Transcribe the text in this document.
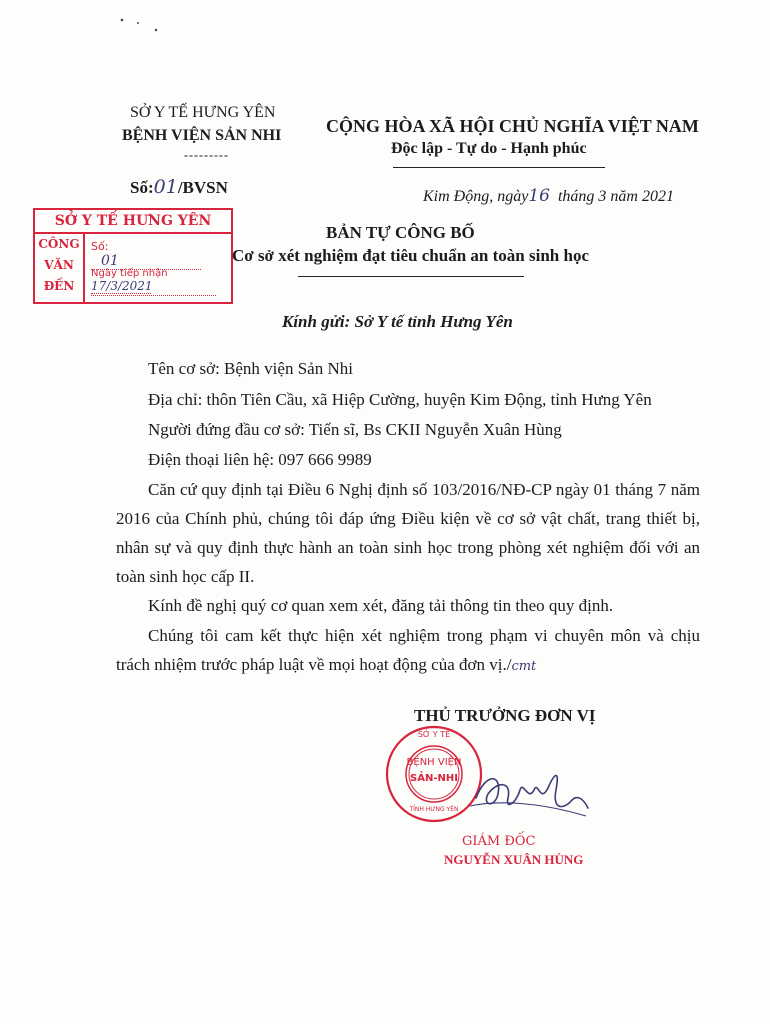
SỞ Y TẾ HƯNG YÊN
BỆNH VIỆN SẢN NHI
---------
CỘNG HÒA XÃ HỘI CHỦ NGHĨA VIỆT NAM
Độc lập - Tự do - Hạnh phúc
Số:01/BVSN	Kim Động, ngày16 tháng 3 năm 2021
SỞ Y TẾ HƯNG YÊN
CÔNG
VĂN
ĐẾN
Số: 01
Ngày tiếp nhận17/3/2021
BẢN TỰ CÔNG BỐ
Cơ sở xét nghiệm đạt tiêu chuẩn an toàn sinh học
Kính gửi: Sở Y tế tỉnh Hưng Yên
Tên cơ sở: Bệnh viện Sản Nhi
Địa chỉ: thôn Tiên Cầu, xã Hiệp Cường, huyện Kim Động, tỉnh Hưng Yên
Người đứng đầu cơ sở: Tiến sĩ, Bs CKII Nguyễn Xuân Hùng
Điện thoại liên hệ: 097 666 9989
Căn cứ quy định tại Điều 6 Nghị định số 103/2016/NĐ-CP ngày 01 tháng 7 năm 2016 của Chính phủ, chúng tôi đáp ứng Điều kiện về cơ sở vật chất, trang thiết bị, nhân sự và quy định thực hành an toàn sinh học trong phòng xét nghiệm đối với an toàn sinh học cấp II.
Kính đề nghị quý cơ quan xem xét, đăng tải thông tin theo quy định.
Chúng tôi cam kết thực hiện xét nghiệm trong phạm vi chuyên môn và chịu trách nhiệm trước pháp luật về mọi hoạt động của đơn vị./cmt
THỦ TRƯỞNG ĐƠN VỊ
SỞ Y TẾ
BỆNH VIỆN
SẢN-NHI
TỈNH HƯNG YÊN
GIÁM ĐỐC
NGUYỄN XUÂN HÙNG
